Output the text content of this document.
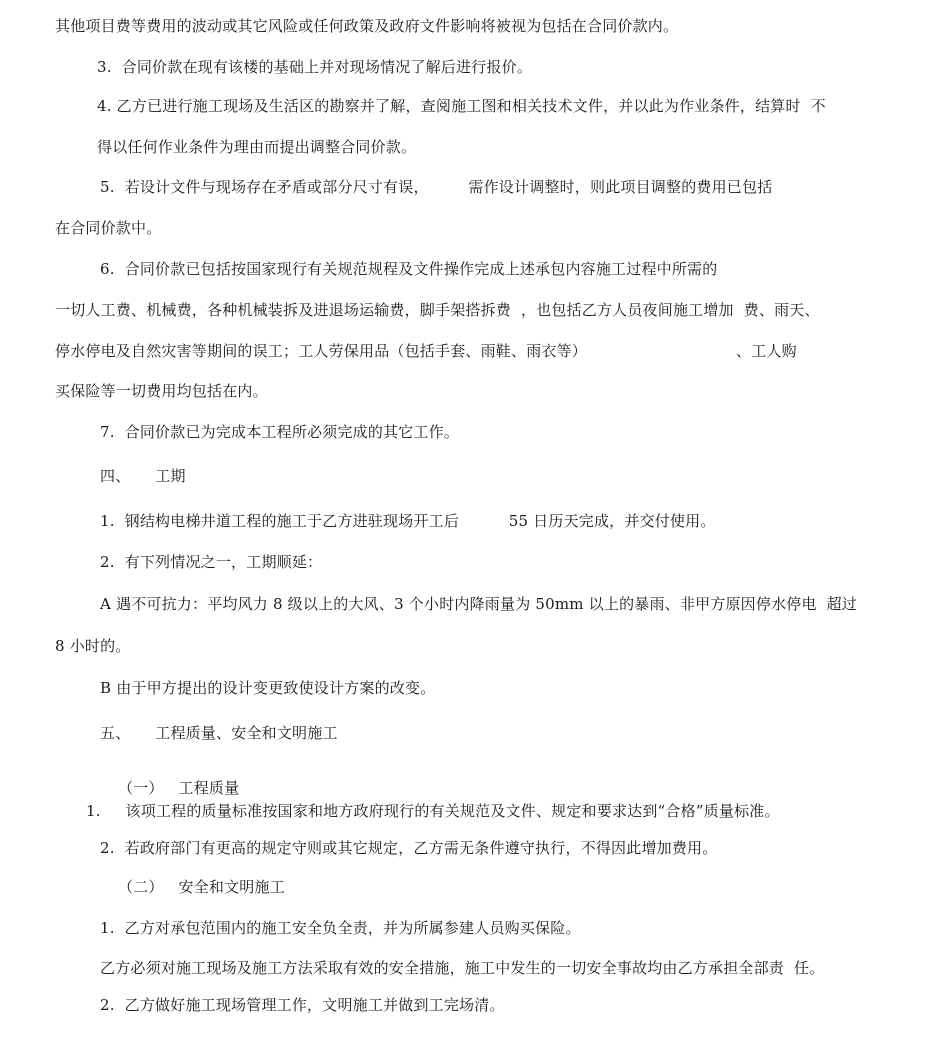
其他项目费等费用的波动或其它风险或任何政策及政府文件影响将被视为包括在合同价款内。
3.  合同价款在现有该楼的基础上并对现场情况了解后进行报价。
4. 乙方已进行施工现场及生活区的勘察并了解，查阅施工图和相关技术文件，并以此为作业条件，结算时  不
得以任何作业条件为理由而提出调整合同价款。
5.  若设计文件与现场存在矛盾或部分尺寸有误，        需作设计调整时，则此项目调整的费用已包括
在合同价款中。
6.  合同价款已包括按国家现行有关规范规程及文件操作完成上述承包内容施工过程中所需的
一切人工费、机械费，各种机械装拆及进退场运输费，脚手架搭拆费  ，也包括乙方人员夜间施工增加  费、雨天、
停水停电及自然灾害等期间的误工；工人劳保用品（包括手套、雨鞋、雨衣等）                              、工人购
买保险等一切费用均包括在内。
7.  合同价款已为完成本工程所必须完成的其它工作。
四、     工期
1.  钢结构电梯井道工程的施工于乙方进驻现场开工后          55 日历天完成，并交付使用。
2.  有下列情况之一，工期顺延：
A 遇不可抗力：平均风力 8 级以上的大风、3 个小时内降雨量为 50mm 以上的暴雨、非甲方原因停水停电  超过
8 小时的。
B 由于甲方提出的设计变更致使设计方案的改变。
五、     工程质量、安全和文明施工
（一）   工程质量
1.     该项工程的质量标准按国家和地方政府现行的有关规范及文件、规定和要求达到“合格”质量标准。
2.  若政府部门有更高的规定守则或其它规定，乙方需无条件遵守执行，不得因此增加费用。
（二）   安全和文明施工
1.  乙方对承包范围内的施工安全负全责，并为所属参建人员购买保险。
乙方必须对施工现场及施工方法采取有效的安全措施，施工中发生的一切安全事故均由乙方承担全部责  任。
2.  乙方做好施工现场管理工作，文明施工并做到工完场清。
